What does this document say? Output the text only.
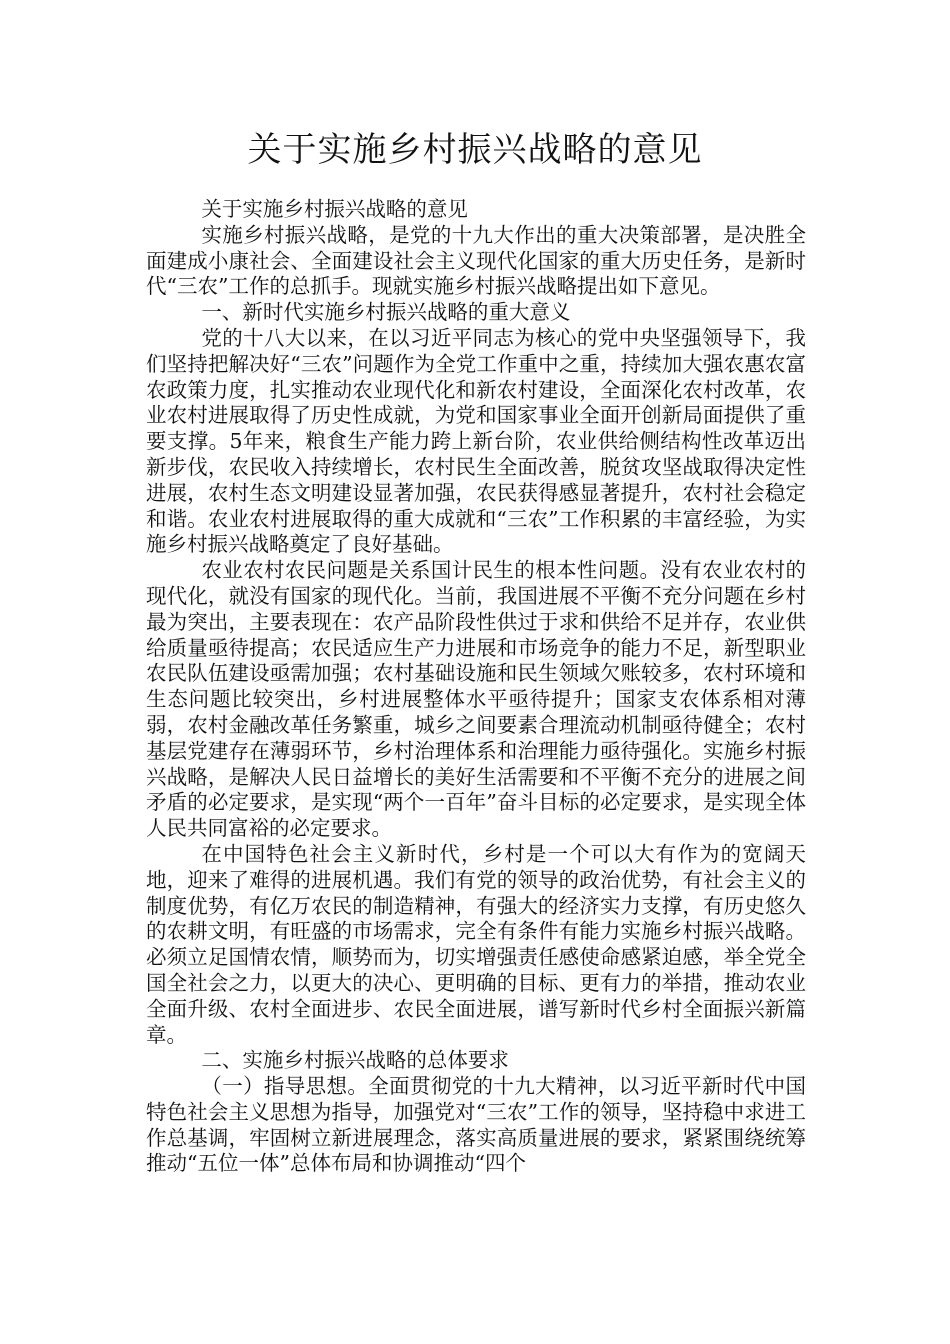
关于实施乡村振兴战略的意见

关于实施乡村振兴战略的意见

实施乡村振兴战略，是党的十九大作出的重大决策部署，是决胜全面建成小康社会、全面建设社会主义现代化国家的重大历史任务，是新时代“三农”工作的总抓手。现就实施乡村振兴战略提出如下意见。

一、新时代实施乡村振兴战略的重大意义

党的十八大以来，在以习近平同志为核心的党中央坚强领导下，我们坚持把解决好“三农”问题作为全党工作重中之重，持续加大强农惠农富农政策力度，扎实推动农业现代化和新农村建设，全面深化农村改革，农业农村进展取得了历史性成就，为党和国家事业全面开创新局面提供了重要支撑。5年来，粮食生产能力跨上新台阶，农业供给侧结构性改革迈出新步伐，农民收入持续增长，农村民生全面改善，脱贫攻坚战取得决定性进展，农村生态文明建设显著加强，农民获得感显著提升，农村社会稳定和谐。农业农村进展取得的重大成就和“三农”工作积累的丰富经验，为实施乡村振兴战略奠定了良好基础。

农业农村农民问题是关系国计民生的根本性问题。没有农业农村的现代化，就没有国家的现代化。当前，我国进展不平衡不充分问题在乡村最为突出，主要表现在：农产品阶段性供过于求和供给不足并存，农业供给质量亟待提高；农民适应生产力进展和市场竞争的能力不足，新型职业农民队伍建设亟需加强；农村基础设施和民生领域欠账较多，农村环境和生态问题比较突出，乡村进展整体水平亟待提升；国家支农体系相对薄弱，农村金融改革任务繁重，城乡之间要素合理流动机制亟待健全；农村基层党建存在薄弱环节，乡村治理体系和治理能力亟待强化。实施乡村振兴战略，是解决人民日益增长的美好生活需要和不平衡不充分的进展之间矛盾的必定要求，是实现“两个一百年”奋斗目标的必定要求，是实现全体人民共同富裕的必定要求。

在中国特色社会主义新时代，乡村是一个可以大有作为的宽阔天地，迎来了难得的进展机遇。我们有党的领导的政治优势，有社会主义的制度优势，有亿万农民的制造精神，有强大的经济实力支撑，有历史悠久的农耕文明，有旺盛的市场需求，完全有条件有能力实施乡村振兴战略。必须立足国情农情，顺势而为，切实增强责任感使命感紧迫感，举全党全国全社会之力，以更大的决心、更明确的目标、更有力的举措，推动农业全面升级、农村全面进步、农民全面进展，谱写新时代乡村全面振兴新篇章。

二、实施乡村振兴战略的总体要求

（一）指导思想。全面贯彻党的十九大精神，以习近平新时代中国特色社会主义思想为指导，加强党对“三农”工作的领导，坚持稳中求进工作总基调，牢固树立新进展理念，落实高质量进展的要求，紧紧围绕统筹推动“五位一体”总体布局和协调推动“四个
